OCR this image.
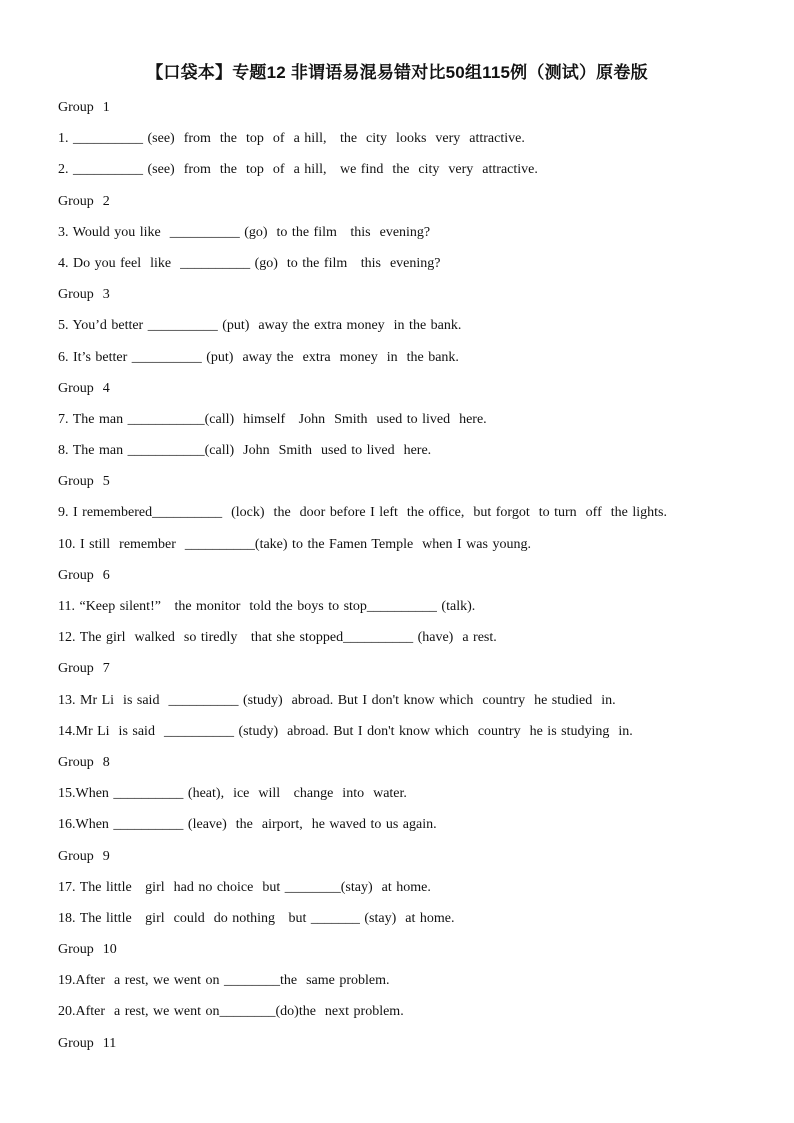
【口袋本】专题12 非谓语易混易错对比50组115例（测试）原卷版
Group  1
1. __________ (see)  from  the  top  of  a hill,   the  city  looks  very  attractive.
2. __________ (see)  from  the  top  of  a hill,   we find  the  city  very  attractive.
Group  2
3. Would you like  __________ (go)  to the film   this  evening?
4. Do you feel  like  __________ (go)  to the film   this  evening?
Group  3
5. You’d better __________ (put)  away the extra money  in the bank.
6. It’s better __________ (put)  away the  extra  money  in  the bank.
Group  4
7. The man ___________(call)  himself   John  Smith  used to lived  here.
8. The man ___________(call)  John  Smith  used to lived  here.
Group  5
9. I remembered__________  (lock)  the  door before I left  the office,  but forgot  to turn  off  the lights.
10. I still  remember  __________(take) to the Famen Temple  when I was young.
Group  6
11. “Keep silent!”   the monitor  told the boys to stop__________ (talk).
12. The girl  walked  so tiredly   that she stopped__________ (have)  a rest.
Group  7
13. Mr Li  is said  __________ (study)  abroad. But I don't know which  country  he studied  in.
14.Mr Li  is said  __________ (study)  abroad. But I don't know which  country  he is studying  in.
Group  8
15.When __________ (heat),  ice  will   change  into  water.
16.When __________ (leave)  the  airport,  he waved to us again.
Group  9
17. The little   girl  had no choice  but ________(stay)  at home.
18. The little   girl  could  do nothing   but _______ (stay)  at home.
Group  10
19.After  a rest, we went on ________the  same problem.
20.After  a rest, we went on________(do)the  next problem.
Group  11
